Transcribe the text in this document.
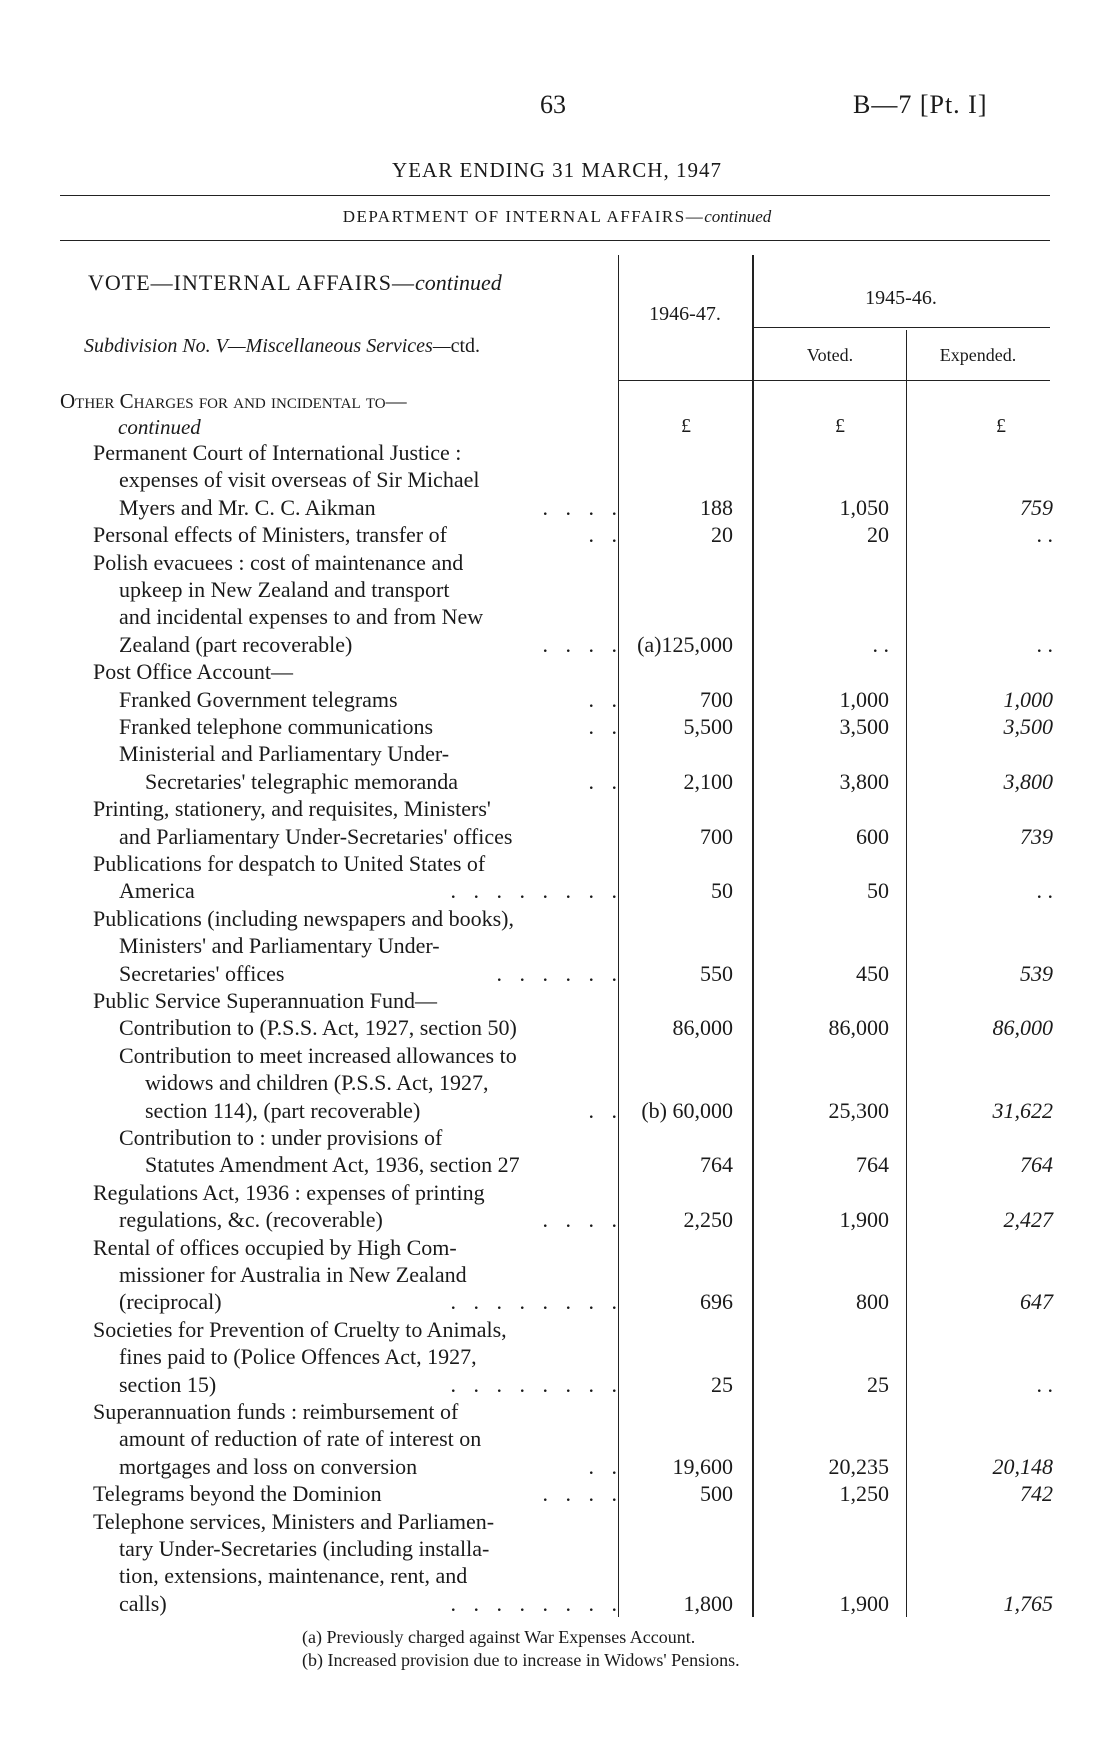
63	B—7 [Pt. I]
YEAR ENDING 31 MARCH, 1947
DEPARTMENT OF INTERNAL AFFAIRS—continued
VOTE—INTERNAL AFFAIRS—continued
Subdivision No. V—Miscellaneous Services—ctd.
1946-47.
1945-46.
Voted.	Expended.
Other Charges for and incidental to—
continued	£	£	£
Permanent Court of International Justice :
expenses of visit overseas of Sir Michael
Myers and Mr. C. C. Aikman	. . . .	188	1,050	759
Personal effects of Ministers, transfer of	. .	20	20	. .
Polish evacuees : cost of maintenance and
upkeep in New Zealand and transport
and incidental expenses to and from New
Zealand (part recoverable)	. . . . (a)125,000	. .	. .
Post Office Account—
Franked Government telegrams	. .	700	1,000	1,000
Franked telephone communications	. .	5,500	3,500	3,500
Ministerial and Parliamentary Under-
Secretaries' telegraphic memoranda	. .	2,100	3,800	3,800
Printing, stationery, and requisites, Ministers'
and Parliamentary Under-Secretaries' offices	700	600	739
Publications for despatch to United States of
America	. . . . . . . .	50	50	. .
Publications (including newspapers and books),
Ministers' and Parliamentary Under-
Secretaries' offices	. . . . . .	550	450	539
Public Service Superannuation Fund—
Contribution to (P.S.S. Act, 1927, section 50)	86,000	86,000	86,000
Contribution to meet increased allowances to
widows and children (P.S.S. Act, 1927,
section 114), (part recoverable)	. . (b) 60,000	25,300	31,622
Contribution to : under provisions of
Statutes Amendment Act, 1936, section 27	764	764	764
Regulations Act, 1936 : expenses of printing
regulations, &c. (recoverable)	. . . .	2,250	1,900	2,427
Rental of offices occupied by High Com-
missioner for Australia in New Zealand
(reciprocal)	. . . . . . . .	696	800	647
Societies for Prevention of Cruelty to Animals,
fines paid to (Police Offences Act, 1927,
section 15)	. . . . . . . .	25	25	. .
Superannuation funds : reimbursement of
amount of reduction of rate of interest on
mortgages and loss on conversion	. . 19,600	20,235	20,148
Telegrams beyond the Dominion	. . . .	500	1,250	742
Telephone services, Ministers and Parliamen-
tary Under-Secretaries (including installa-
tion, extensions, maintenance, rent, and
calls)	. . . . . . . .	1,800	1,900	1,765
(a) Previously charged against War Expenses Account.
(b) Increased provision due to increase in Widows' Pensions.
